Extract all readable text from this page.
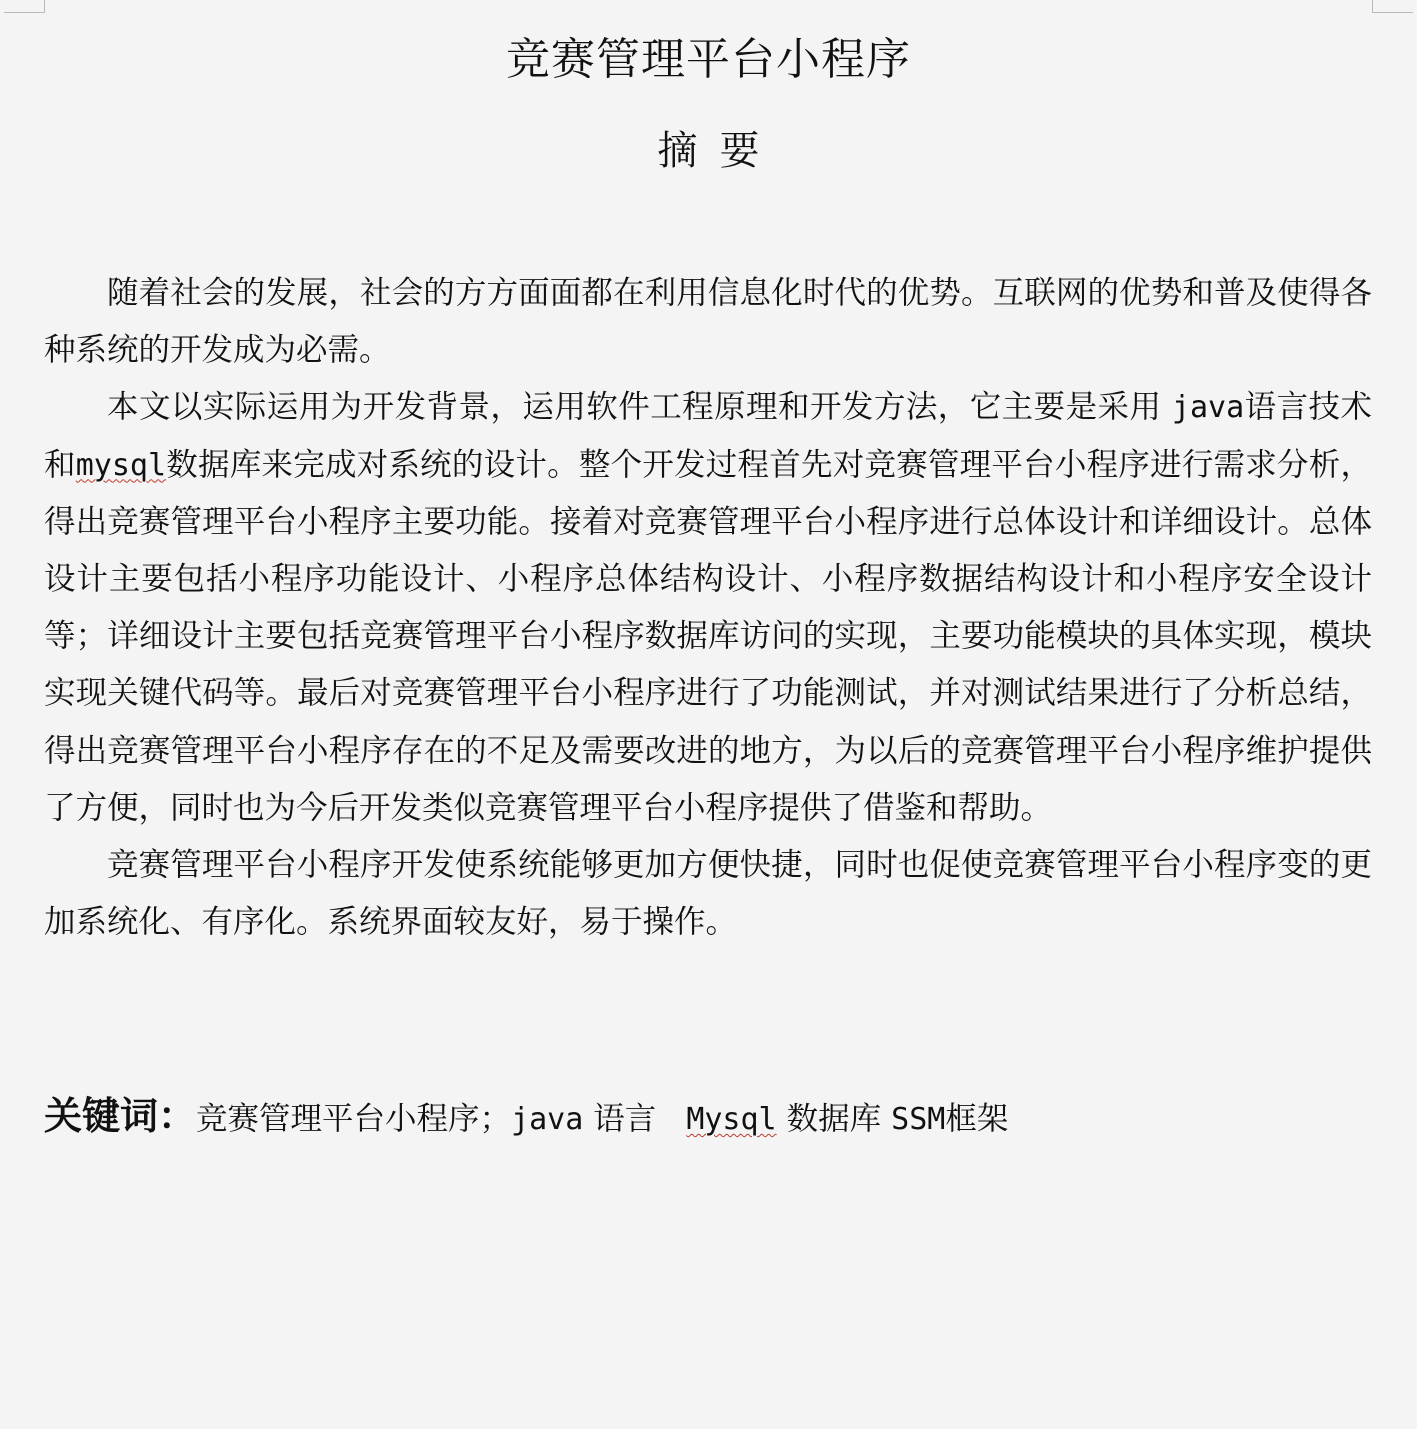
竞赛管理平台小程序
摘要

随着社会的发展，社会的方方面面都在利用信息化时代的优势。互联网的优势和普及使得各种系统的开发成为必需。

本文以实际运用为开发背景，运用软件工程原理和开发方法，它主要是采用 java语言技术和mysql数据库来完成对系统的设计。整个开发过程首先对竞赛管理平台小程序进行需求分析，得出竞赛管理平台小程序主要功能。接着对竞赛管理平台小程序进行总体设计和详细设计。总体设计主要包括小程序功能设计、小程序总体结构设计、小程序数据结构设计和小程序安全设计等；详细设计主要包括竞赛管理平台小程序数据库访问的实现，主要功能模块的具体实现，模块实现关键代码等。最后对竞赛管理平台小程序进行了功能测试，并对测试结果进行了分析总结，得出竞赛管理平台小程序存在的不足及需要改进的地方，为以后的竞赛管理平台小程序维护提供了方便，同时也为今后开发类似竞赛管理平台小程序提供了借鉴和帮助。

竞赛管理平台小程序开发使系统能够更加方便快捷，同时也促使竞赛管理平台小程序变的更加系统化、有序化。系统界面较友好，易于操作。

关键词：竞赛管理平台小程序；java 语言 Mysql 数据库 SSM框架
